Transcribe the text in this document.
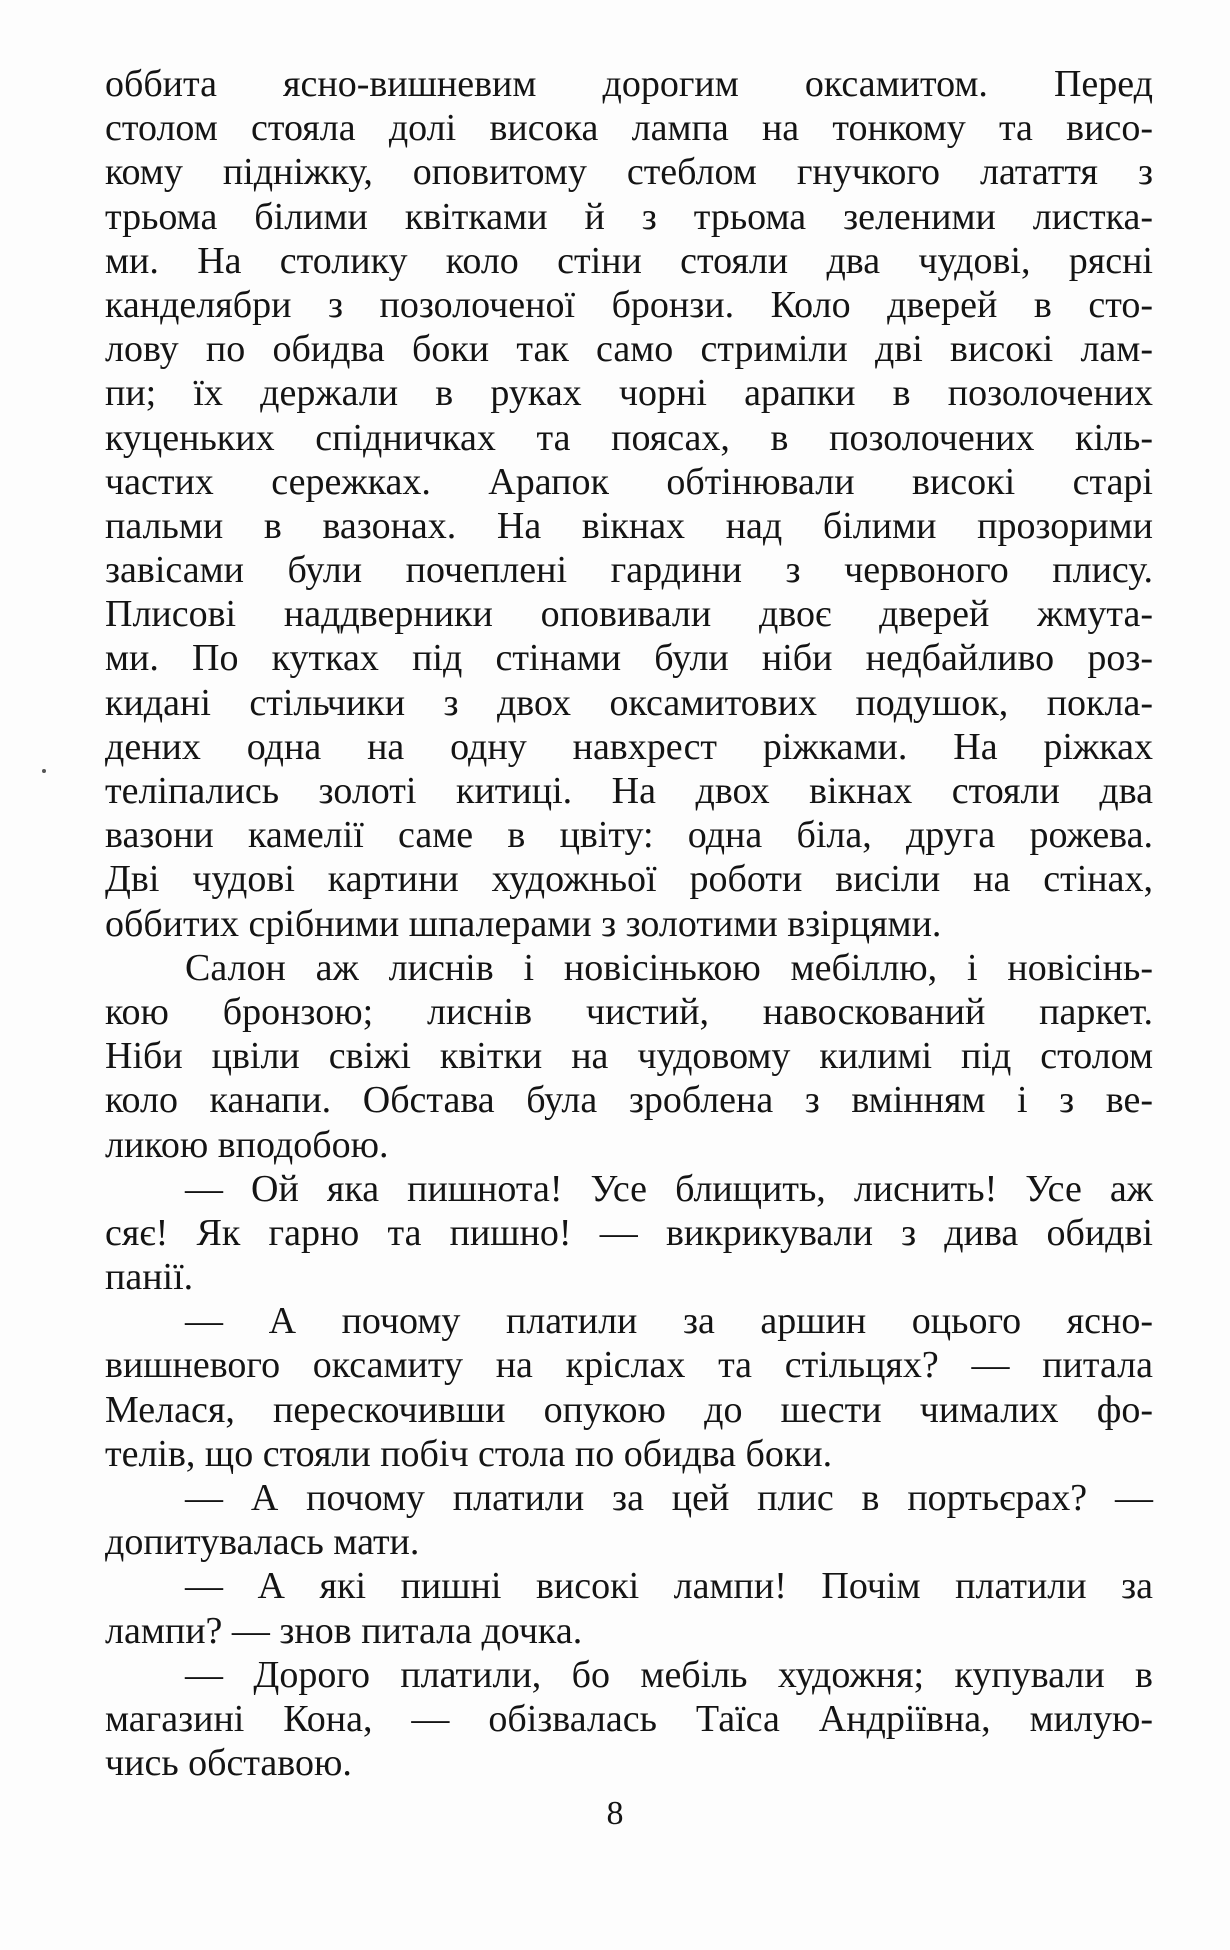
оббита ясно-вишневим дорогим оксамитом. Перед
столом стояла долі висока лампа на тонкому та висо-
кому підніжку, оповитому стеблом гнучкого латаття з
трьома білими квітками й з трьома зеленими листка-
ми. На столику коло стіни стояли два чудові, рясні
канделябри з позолоченої бронзи. Коло дверей в сто-
лову по обидва боки так само стриміли дві високі лам-
пи; їх держали в руках чорні арапки в позолочених
куценьких спідничках та поясах, в позолочених кіль-
частих сережках. Арапок обтінювали високі старі
пальми в вазонах. На вікнах над білими прозорими
завісами були почеплені гардини з червоного плису.
Плисові наддверники оповивали двоє дверей жмута-
ми. По кутках під стінами були ніби недбайливо роз-
кидані стільчики з двох оксамитових подушок, покла-
дених одна на одну навхрест ріжками. На ріжках
теліпались золоті китиці. На двох вікнах стояли два
вазони камелії саме в цвіту: одна біла, друга рожева.
Дві чудові картини художньої роботи висіли на стінах,
оббитих срібними шпалерами з золотими взірцями.
Салон аж лиснів і новісінькою мебіллю, і новісінь-
кою бронзою; лиснів чистий, навоскований паркет.
Ніби цвіли свіжі квітки на чудовому килимі під столом
коло канапи. Обстава була зроблена з вмінням і з ве-
ликою вподобою.
— Ой яка пишнота! Усе блищить, лиснить! Усе аж
сяє! Як гарно та пишно! — викрикували з дива обидві
панії.
— А почому платили за аршин оцього ясно-
вишневого оксамиту на кріслах та стільцях? — питала
Мелася, перескочивши опукою до шести чималих фо-
телів, що стояли побіч стола по обидва боки.
— А почому платили за цей плис в портьєрах? —
допитувалась мати.
— А які пишні високі лампи! Почім платили за
лампи? — знов питала дочка.
— Дорого платили, бо мебіль художня; купували в
магазині Кона, — обізвалась Таїса Андріївна, милую-
чись обставою.
8
